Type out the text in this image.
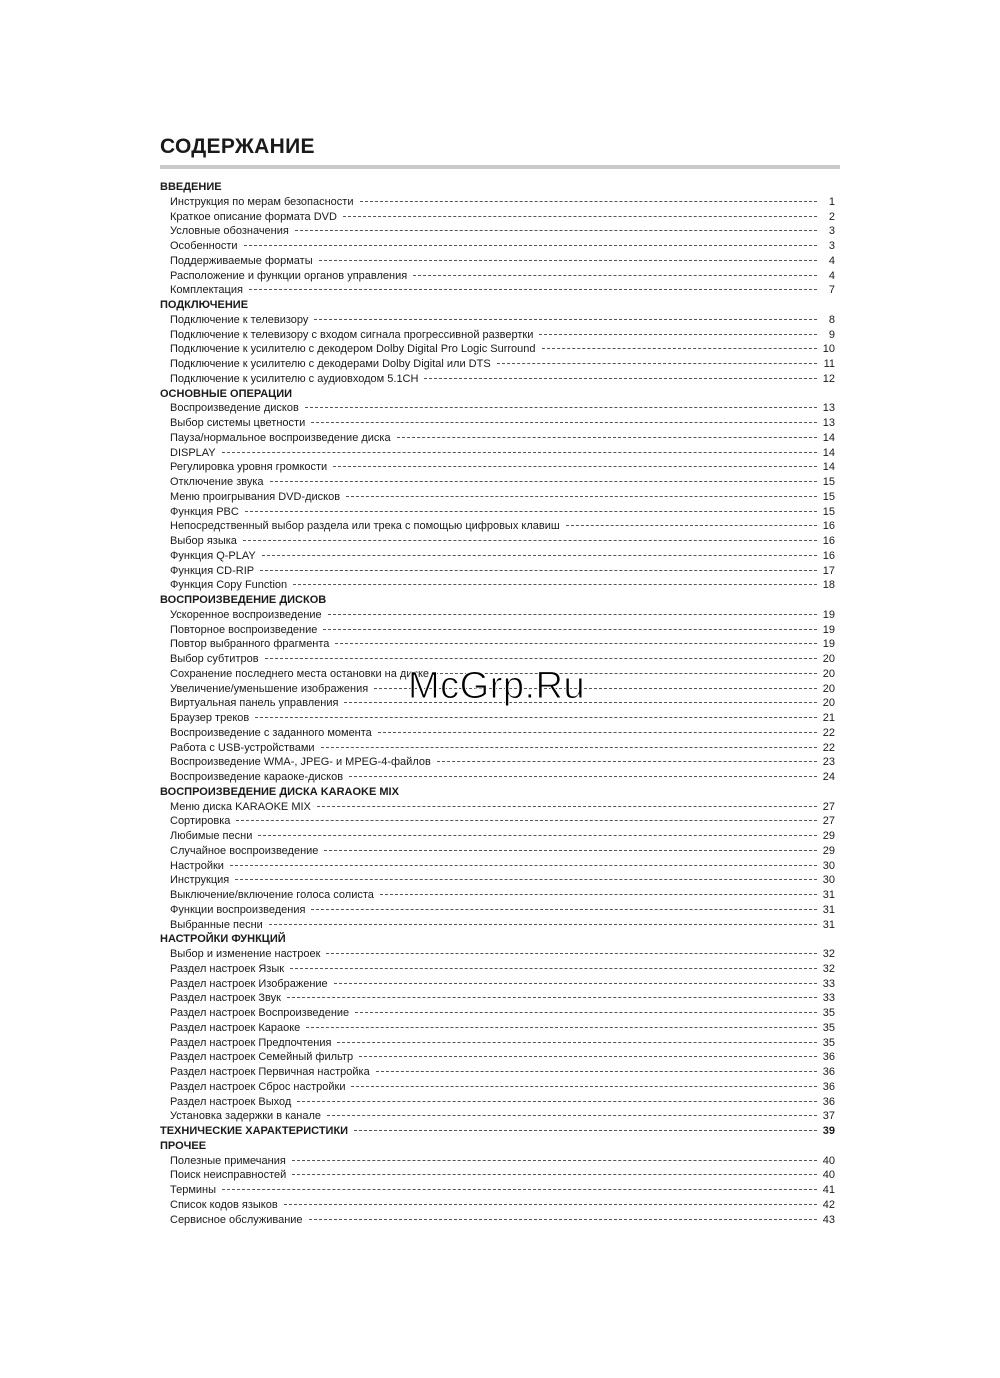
СОДЕРЖАНИЕ
ВВЕДЕНИЕ
Инструкция по мерам безопасности	1
Краткое описание формата DVD	2
Условные обозначения	3
Особенности	3
Поддерживаемые форматы	4
Расположение и функции органов управления	4
Комплектация	7
ПОДКЛЮЧЕНИЕ
Подключение к телевизору	8
Подключение к телевизору с входом сигнала прогрессивной развертки	9
Подключение к усилителю с декодером Dolby Digital Pro Logic Surround	10
Подключение к усилителю с декодерами Dolby Digital или DTS	11
Подключение к усилителю с аудиовходом 5.1CH	12
ОСНОВНЫЕ ОПЕРАЦИИ
Воспроизведение дисков	13
Выбор системы цветности	13
Пауза/нормальное воспроизведение диска	14
DISPLAY	14
Регулировка уровня громкости	14
Отключение звука	15
Меню проигрывания DVD-дисков	15
Функция PBC	15
Непосредственный выбор раздела или трека с помощью цифровых клавиш	16
Выбор языка	16
Функция Q-PLAY	16
Функция CD-RIP	17
Функция Copy Function	18
ВОСПРОИЗВЕДЕНИЕ ДИСКОВ
Ускоренное воспроизведение	19
Повторное воспроизведение	19
Повтор выбранного фрагмента	19
Выбор субтитров	20
Сохранение последнего места остановки на диске	20
Увеличение/уменьшение изображения	20
Виртуальная панель управления	20
Браузер треков	21
Воспроизведение с заданного момента	22
Работа с USB-устройствами	22
Воспроизведение WMA-, JPEG- и MPEG-4-файлов	23
Воспроизведение караоке-дисков	24
ВОСПРОИЗВЕДЕНИЕ ДИСКА KARAOKE MIX
Меню диска KARAOKE MIX	27
Сортировка	27
Любимые песни	29
Случайное воспроизведение	29
Настройки	30
Инструкция	30
Выключение/включение голоса солиста	31
Функции воспроизведения	31
Выбранные песни	31
НАСТРОЙКИ ФУНКЦИЙ
Выбор и изменение настроек	32
Раздел настроек Язык	32
Раздел настроек Изображение	33
Раздел настроек Звук	33
Раздел настроек Воспроизведение	35
Раздел настроек Караоке	35
Раздел настроек Предпочтения	35
Раздел настроек Семейный фильтр	36
Раздел настроек Первичная настройка	36
Раздел настроек Сброс настройки	36
Раздел настроек Выход	36
Установка задержки в канале	37
ТЕХНИЧЕСКИЕ ХАРАКТЕРИСТИКИ	39
ПРОЧЕЕ
Полезные примечания	40
Поиск неисправностей	40
Термины	41
Список кодов языков	42
Сервисное обслуживание	43
McGrp.Ru
